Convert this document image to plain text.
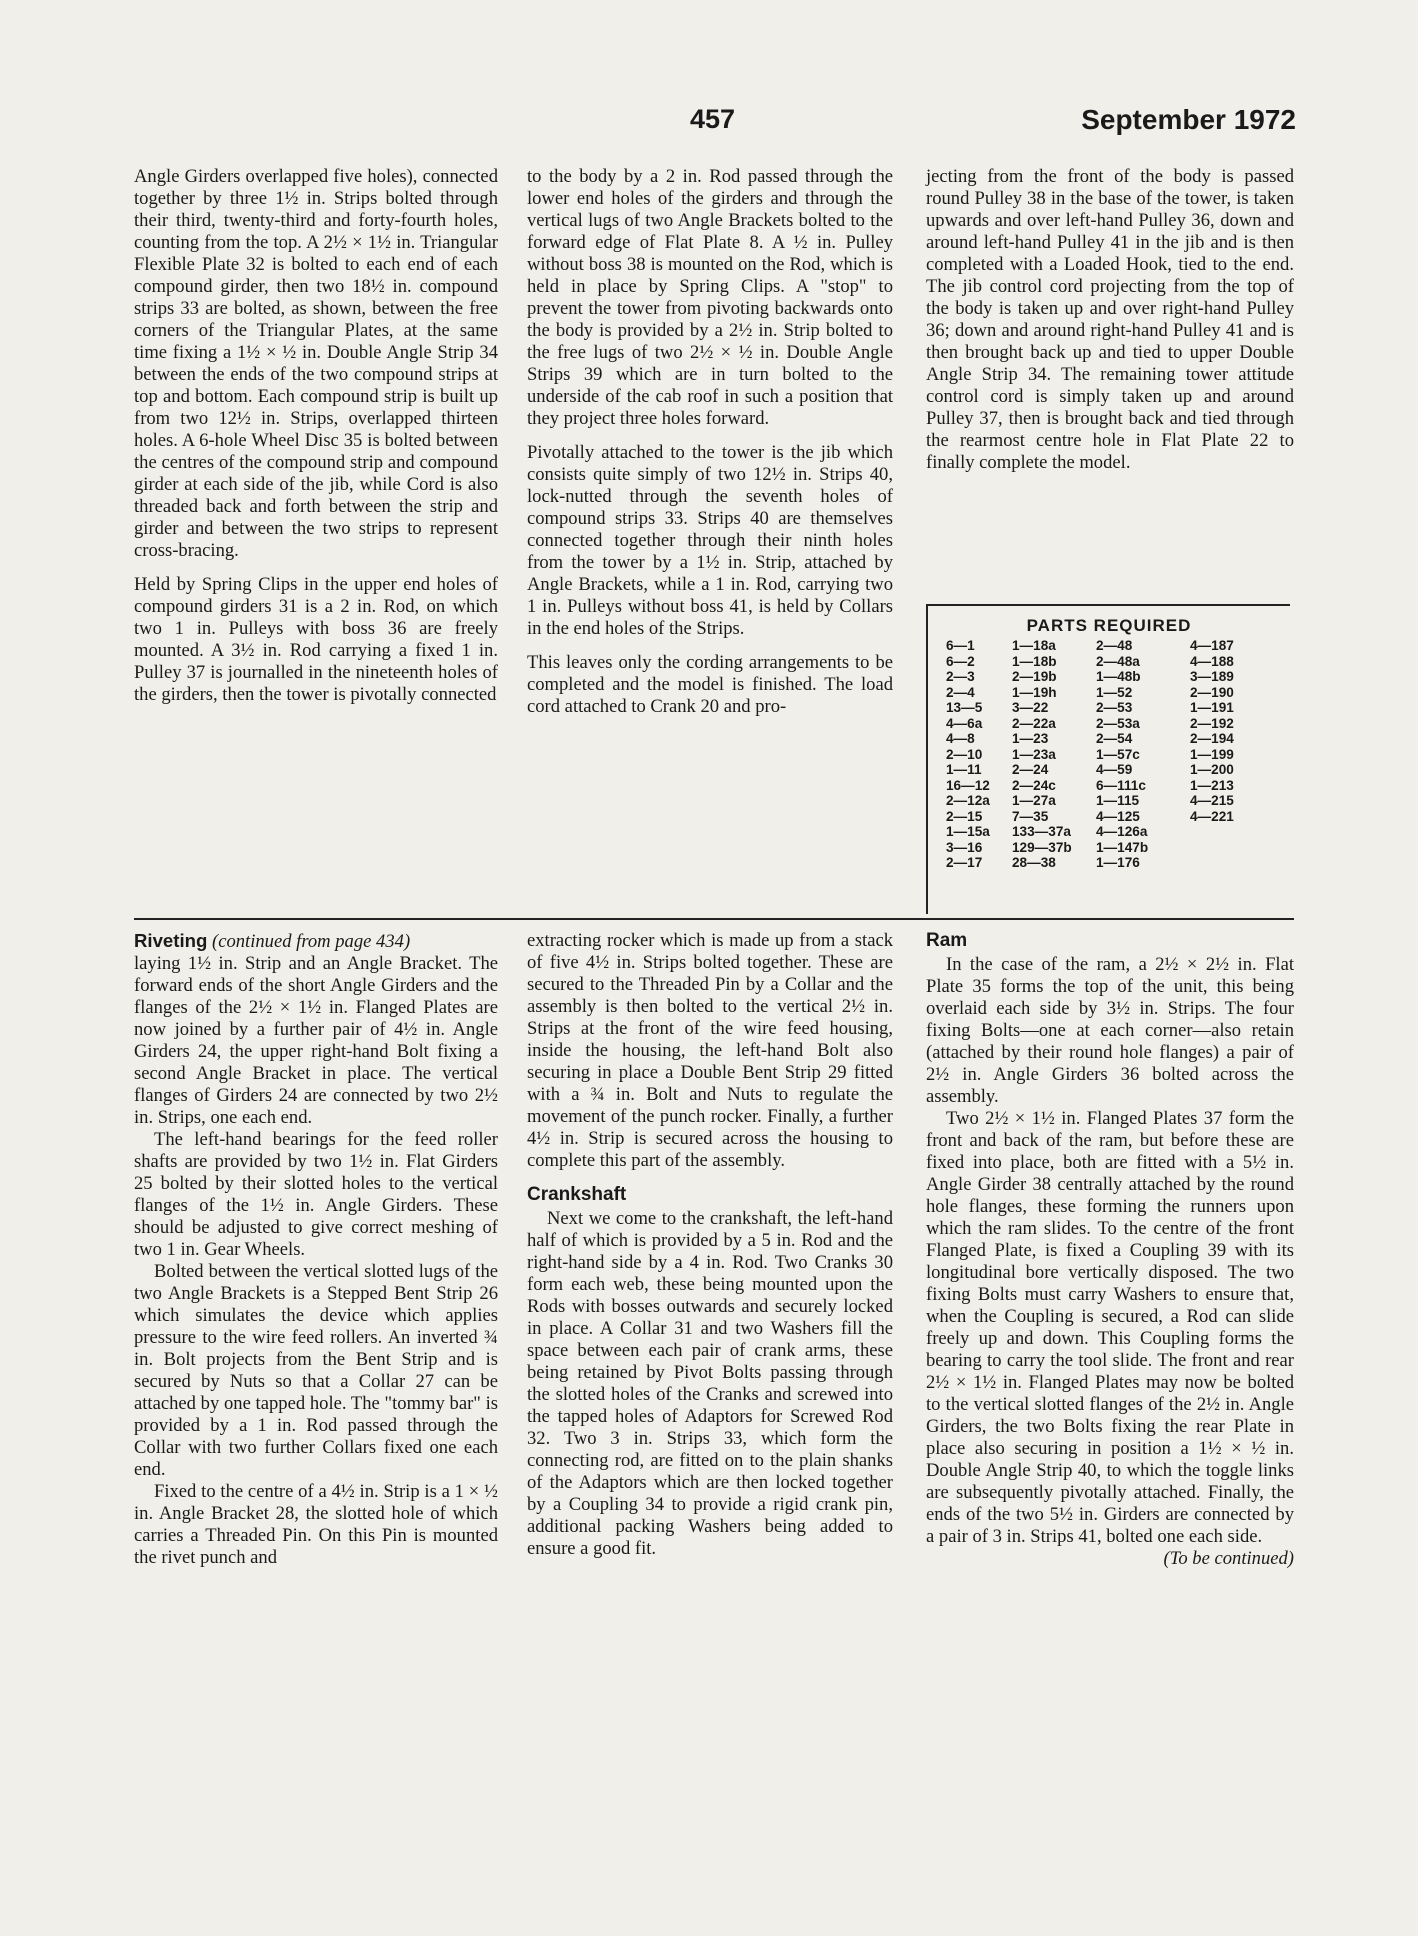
457	September 1972

Angle Girders overlapped five holes), connected together by three 1½ in. Strips bolted through their third, twenty-third and forty-fourth holes, counting from the top. A 2½ × 1½ in. Triangular Flexible Plate 32 is bolted to each end of each compound girder, then two 18½ in. compound strips 33 are bolted, as shown, between the free corners of the Triangular Plates, at the same time fixing a 1½ × ½ in. Double Angle Strip 34 between the ends of the two compound strips at top and bottom. Each compound strip is built up from two 12½ in. Strips, overlapped thirteen holes. A 6-hole Wheel Disc 35 is bolted between the centres of the compound strip and compound girder at each side of the jib, while Cord is also threaded back and forth between the strip and girder and between the two strips to represent cross-bracing.

Held by Spring Clips in the upper end holes of compound girders 31 is a 2 in. Rod, on which two 1 in. Pulleys with boss 36 are freely mounted. A 3½ in. Rod carrying a fixed 1 in. Pulley 37 is journalled in the nineteenth holes of the girders, then the tower is pivotally connected

to the body by a 2 in. Rod passed through the lower end holes of the girders and through the vertical lugs of two Angle Brackets bolted to the forward edge of Flat Plate 8. A ½ in. Pulley without boss 38 is mounted on the Rod, which is held in place by Spring Clips. A "stop" to prevent the tower from pivoting backwards onto the body is provided by a 2½ in. Strip bolted to the free lugs of two 2½ × ½ in. Double Angle Strips 39 which are in turn bolted to the underside of the cab roof in such a position that they project three holes forward.

Pivotally attached to the tower is the jib which consists quite simply of two 12½ in. Strips 40, lock-nutted through the seventh holes of compound strips 33. Strips 40 are themselves connected together through their ninth holes from the tower by a 1½ in. Strip, attached by Angle Brackets, while a 1 in. Rod, carrying two 1 in. Pulleys without boss 41, is held by Collars in the end holes of the Strips.

This leaves only the cording arrangements to be completed and the model is finished. The load cord attached to Crank 20 and pro-

jecting from the front of the body is passed round Pulley 38 in the base of the tower, is taken upwards and over left-hand Pulley 36, down and around left-hand Pulley 41 in the jib and is then completed with a Loaded Hook, tied to the end. The jib control cord projecting from the top of the body is taken up and over right-hand Pulley 36; down and around right-hand Pulley 41 and is then brought back up and tied to upper Double Angle Strip 34. The remaining tower attitude control cord is simply taken up and around Pulley 37, then is brought back and tied through the rearmost centre hole in Flat Plate 22 to finally complete the model.

PARTS REQUIRED
6—1
6—2
2—3
2—4
13—5
4—6a
4—8
2—10
1—11
16—12
2—12a
2—15
1—15a
3—16
2—17
1—18a
1—18b
2—19b
1—19h
3—22
2—22a
1—23
1—23a
2—24
2—24c
1—27a
7—35
133—37a
129—37b
28—38
2—48
2—48a
1—48b
1—52
2—53
2—53a
2—54
1—57c
4—59
6—111c
1—115
4—125
4—126a
1—147b
1—176
4—187
4—188
3—189
2—190
1—191
2—192
2—194
1—199
1—200
1—213
4—215
4—221

Riveting (continued from page 434)

laying 1½ in. Strip and an Angle Bracket. The forward ends of the short Angle Girders and the flanges of the 2½ × 1½ in. Flanged Plates are now joined by a further pair of 4½ in. Angle Girders 24, the upper right-hand Bolt fixing a second Angle Bracket in place. The vertical flanges of Girders 24 are connected by two 2½ in. Strips, one each end.

The left-hand bearings for the feed roller shafts are provided by two 1½ in. Flat Girders 25 bolted by their slotted holes to the vertical flanges of the 1½ in. Angle Girders. These should be adjusted to give correct meshing of two 1 in. Gear Wheels.

Bolted between the vertical slotted lugs of the two Angle Brackets is a Stepped Bent Strip 26 which simulates the device which applies pressure to the wire feed rollers. An inverted ¾ in. Bolt projects from the Bent Strip and is secured by Nuts so that a Collar 27 can be attached by one tapped hole. The "tommy bar" is provided by a 1 in. Rod passed through the Collar with two further Collars fixed one each end.

Fixed to the centre of a 4½ in. Strip is a 1 × ½ in. Angle Bracket 28, the slotted hole of which carries a Threaded Pin. On this Pin is mounted the rivet punch and

extracting rocker which is made up from a stack of five 4½ in. Strips bolted together. These are secured to the Threaded Pin by a Collar and the assembly is then bolted to the vertical 2½ in. Strips at the front of the wire feed housing, inside the housing, the left-hand Bolt also securing in place a Double Bent Strip 29 fitted with a ¾ in. Bolt and Nuts to regulate the movement of the punch rocker. Finally, a further 4½ in. Strip is secured across the housing to complete this part of the assembly.

Crankshaft

Next we come to the crankshaft, the left-hand half of which is provided by a 5 in. Rod and the right-hand side by a 4 in. Rod. Two Cranks 30 form each web, these being mounted upon the Rods with bosses outwards and securely locked in place. A Collar 31 and two Washers fill the space between each pair of crank arms, these being retained by Pivot Bolts passing through the slotted holes of the Cranks and screwed into the tapped holes of Adaptors for Screwed Rod 32. Two 3 in. Strips 33, which form the connecting rod, are fitted on to the plain shanks of the Adaptors which are then locked together by a Coupling 34 to provide a rigid crank pin, additional packing Washers being added to ensure a good fit.

Ram

In the case of the ram, a 2½ × 2½ in. Flat Plate 35 forms the top of the unit, this being overlaid each side by 3½ in. Strips. The four fixing Bolts—one at each corner—also retain (attached by their round hole flanges) a pair of 2½ in. Angle Girders 36 bolted across the assembly.

Two 2½ × 1½ in. Flanged Plates 37 form the front and back of the ram, but before these are fixed into place, both are fitted with a 5½ in. Angle Girder 38 centrally attached by the round hole flanges, these forming the runners upon which the ram slides. To the centre of the front Flanged Plate, is fixed a Coupling 39 with its longitudinal bore vertically disposed. The two fixing Bolts must carry Washers to ensure that, when the Coupling is secured, a Rod can slide freely up and down. This Coupling forms the bearing to carry the tool slide. The front and rear 2½ × 1½ in. Flanged Plates may now be bolted to the vertical slotted flanges of the 2½ in. Angle Girders, the two Bolts fixing the rear Plate in place also securing in position a 1½ × ½ in. Double Angle Strip 40, to which the toggle links are subsequently pivotally attached. Finally, the ends of the two 5½ in. Girders are connected by a pair of 3 in. Strips 41, bolted one each side.

(To be continued)
